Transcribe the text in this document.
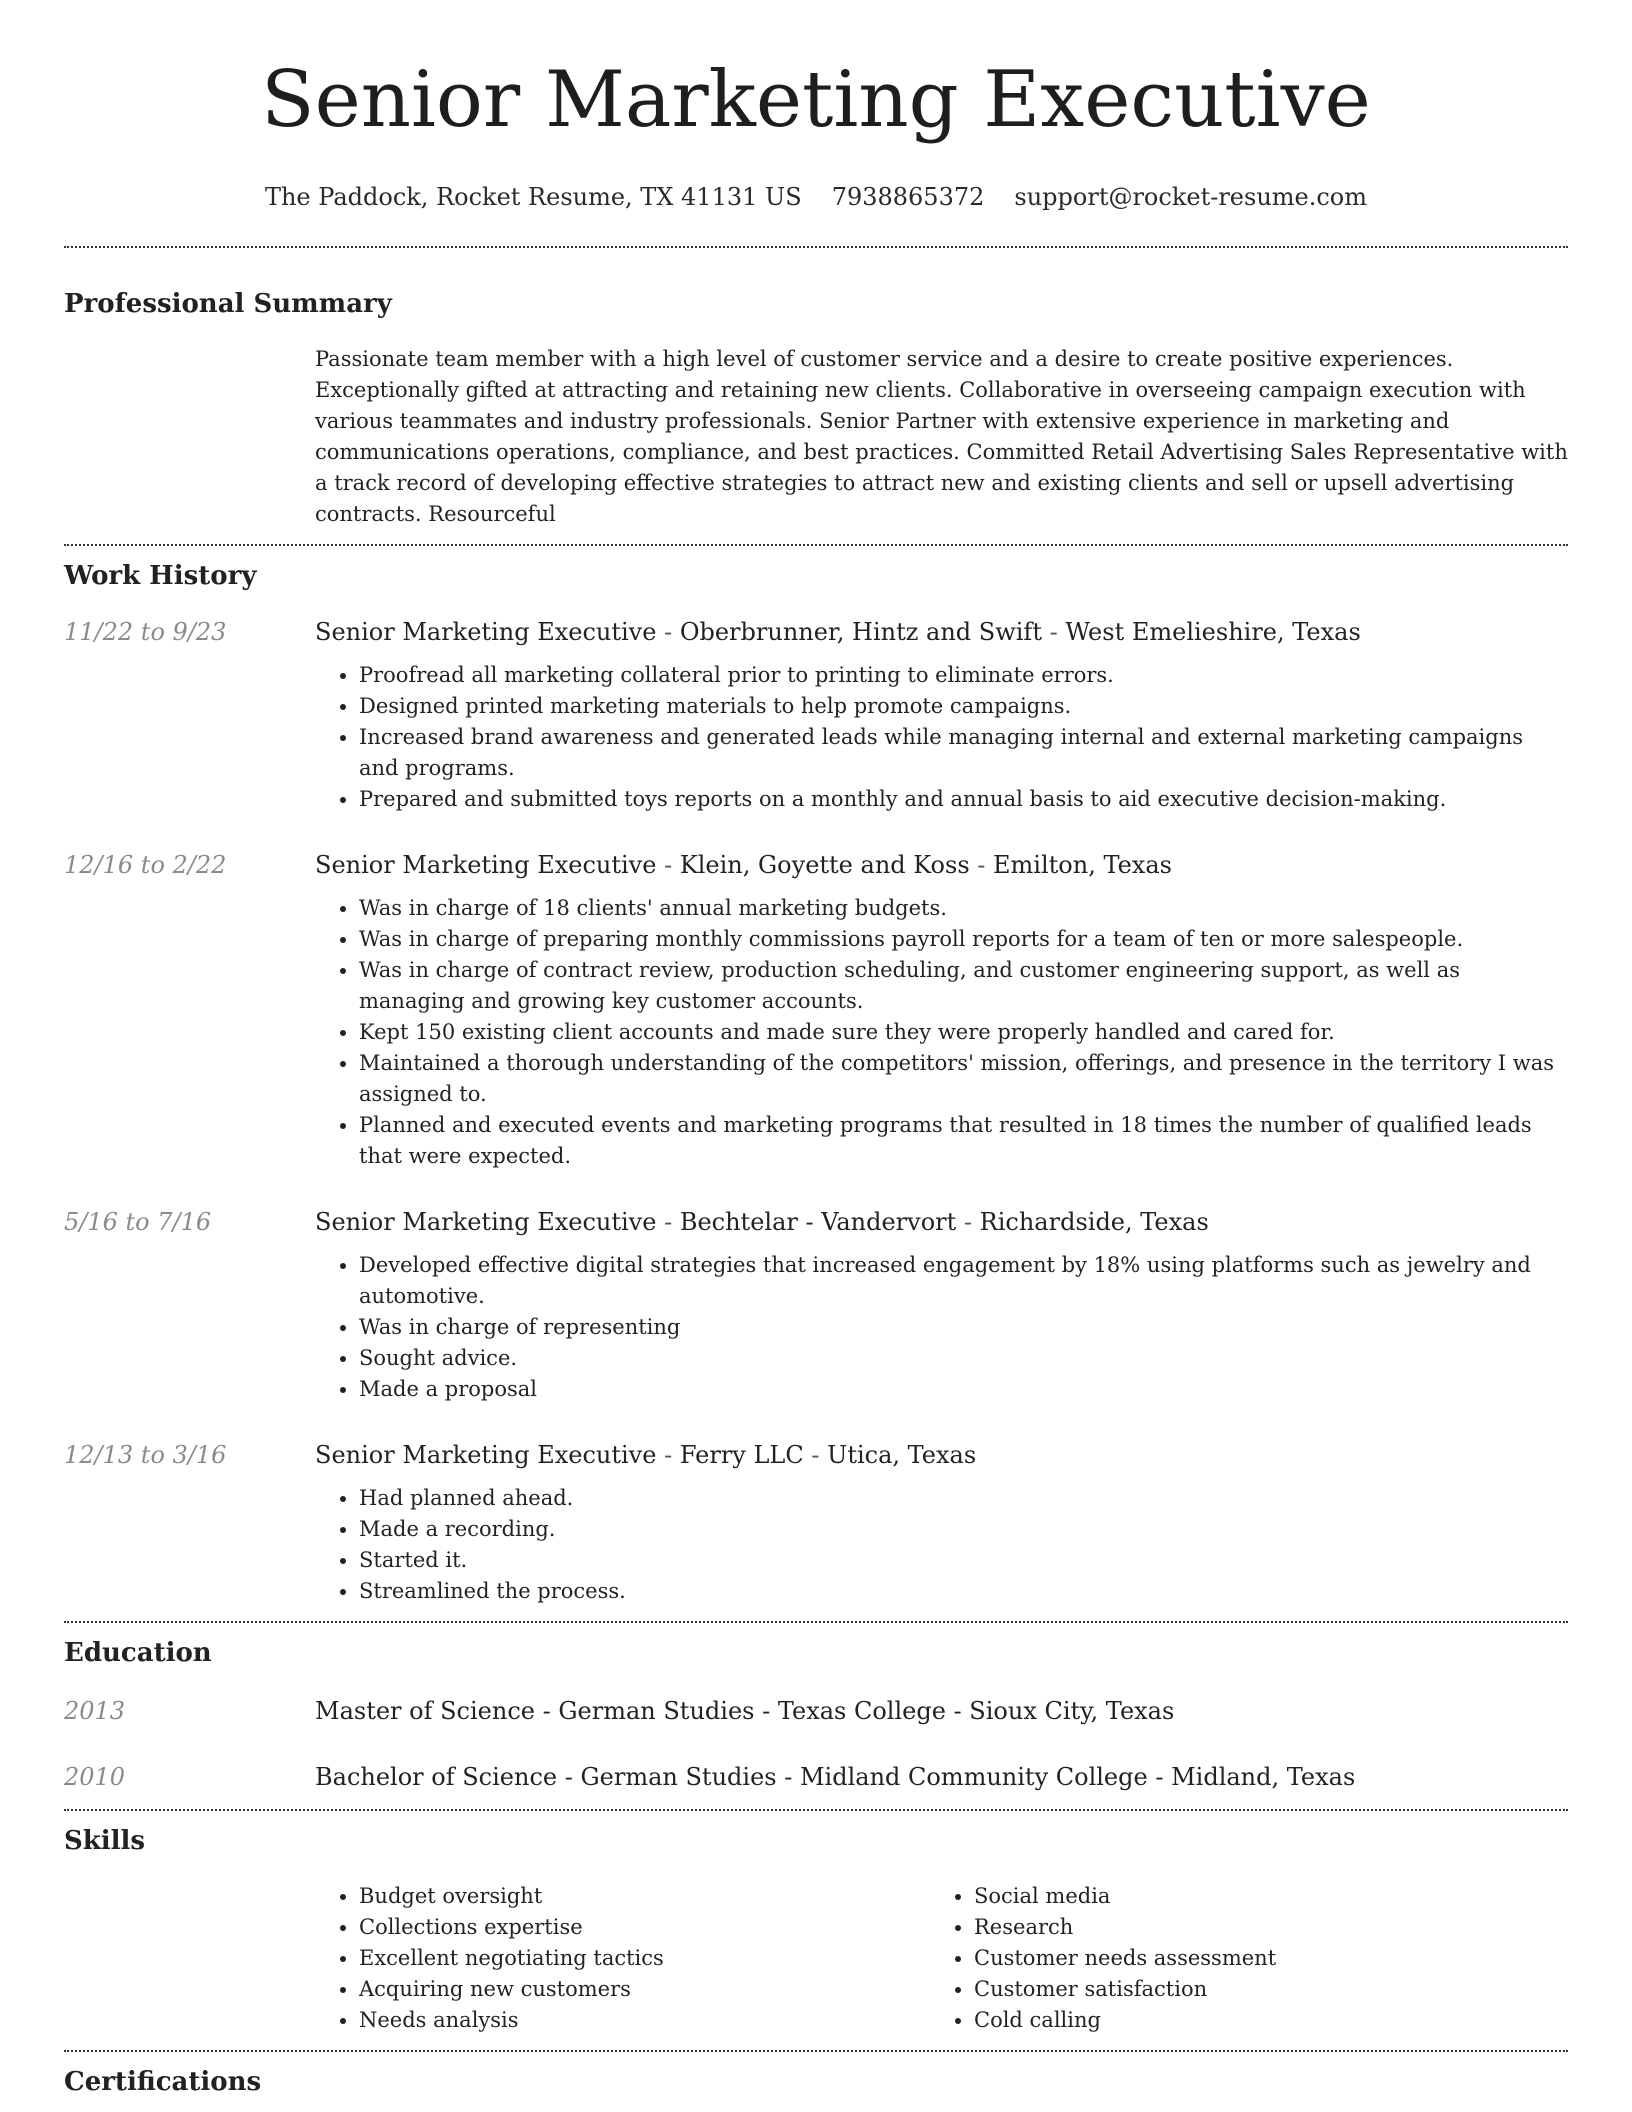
Senior Marketing Executive
The Paddock, Rocket Resume, TX 41131 US 7938865372 support@rocket-resume.com
Professional Summary
Passionate team member with a high level of customer service and a desire to create positive experiences. Exceptionally gifted at attracting and retaining new clients. Collaborative in overseeing campaign execution with various teammates and industry professionals. Senior Partner with extensive experience in marketing and communications operations, compliance, and best practices. Committed Retail Advertising Sales Representative with a track record of developing effective strategies to attract new and existing clients and sell or upsell advertising contracts. Resourceful
Work History
11/22 to 9/23	Senior Marketing Executive - Oberbrunner, Hintz and Swift - West Emelieshire, Texas
• Proofread all marketing collateral prior to printing to eliminate errors.
• Designed printed marketing materials to help promote campaigns.
• Increased brand awareness and generated leads while managing internal and external marketing campaigns and programs.
• Prepared and submitted toys reports on a monthly and annual basis to aid executive decision-making.
12/16 to 2/22	Senior Marketing Executive - Klein, Goyette and Koss - Emilton, Texas
• Was in charge of 18 clients' annual marketing budgets.
• Was in charge of preparing monthly commissions payroll reports for a team of ten or more salespeople.
• Was in charge of contract review, production scheduling, and customer engineering support, as well as managing and growing key customer accounts.
• Kept 150 existing client accounts and made sure they were properly handled and cared for.
• Maintained a thorough understanding of the competitors' mission, offerings, and presence in the territory I was assigned to.
• Planned and executed events and marketing programs that resulted in 18 times the number of qualified leads that were expected.
5/16 to 7/16	Senior Marketing Executive - Bechtelar - Vandervort - Richardside, Texas
• Developed effective digital strategies that increased engagement by 18% using platforms such as jewelry and automotive.
• Was in charge of representing
• Sought advice.
• Made a proposal
12/13 to 3/16	Senior Marketing Executive - Ferry LLC - Utica, Texas
• Had planned ahead.
• Made a recording.
• Started it.
• Streamlined the process.
Education
2013	Master of Science - German Studies - Texas College - Sioux City, Texas
2010	Bachelor of Science - German Studies - Midland Community College - Midland, Texas
Skills
• Budget oversight
• Collections expertise
• Excellent negotiating tactics
• Acquiring new customers
• Needs analysis
• Social media
• Research
• Customer needs assessment
• Customer satisfaction
• Cold calling
Certifications
